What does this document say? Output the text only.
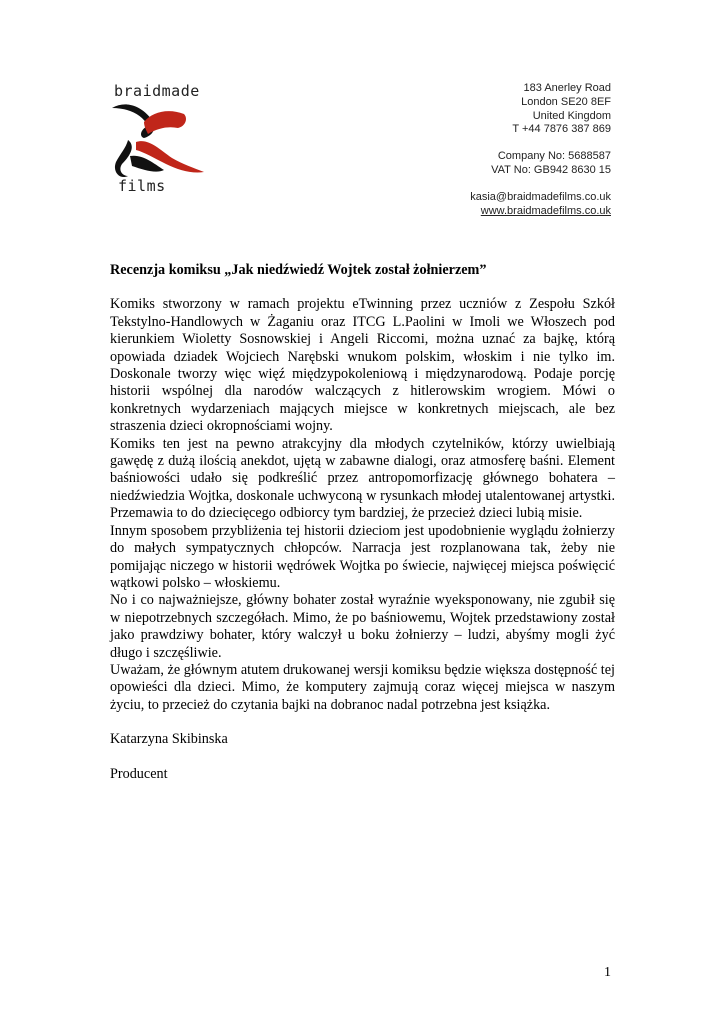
braidmade
films
183 Anerley Road
London SE20 8EF
United Kingdom
T +44 7876 387 869
Company No: 5688587
VAT No: GB942 8630 15
kasia@braidmadefilms.co.uk
www.braidmadefilms.co.uk
Recenzja komiksu „Jak niedźwiedź Wojtek został żołnierzem”

Komiks stworzony w ramach projektu eTwinning przez uczniów z Zespołu Szkół Tekstylno-Handlowych w Żaganiu oraz ITCG L.Paolini w Imoli we Włoszech pod kierunkiem Wioletty Sosnowskiej i Angeli Riccomi, można uznać za bajkę, którą opowiada dziadek Wojciech Narębski wnukom polskim, włoskim i nie tylko im. Doskonale tworzy więc więź międzypokoleniową i międzynarodową. Podaje porcję historii wspólnej dla narodów walczących z hitlerowskim wrogiem. Mówi o konkretnych wydarzeniach mających miejsce w konkretnych miejscach, ale bez straszenia dzieci okropnościami wojny.

Komiks ten jest na pewno atrakcyjny dla młodych czytelników, którzy uwielbiają gawędę z dużą ilością anekdot, ujętą w zabawne dialogi, oraz atmosferę baśni. Element baśniowości udało się podkreślić przez antropomorfizację głównego bohatera – niedźwiedzia Wojtka, doskonale uchwyconą w rysunkach młodej utalentowanej artystki. Przemawia to do dziecięcego odbiorcy tym bardziej, że przecież dzieci lubią misie.

Innym sposobem przybliżenia tej historii dzieciom jest upodobnienie wyglądu żołnierzy do małych sympatycznych chłopców. Narracja jest rozplanowana tak, żeby nie pomijając niczego w historii wędrówek Wojtka po świecie, najwięcej miejsca poświęcić wątkowi polsko – włoskiemu.

No i co najważniejsze, główny bohater został wyraźnie wyeksponowany, nie zgubił się w niepotrzebnych szczegółach. Mimo, że po baśniowemu, Wojtek przedstawiony został jako prawdziwy bohater, który walczył u boku żołnierzy – ludzi, abyśmy mogli żyć długo i szczęśliwie.

Uważam, że głównym atutem drukowanej wersji komiksu będzie większa dostępność tej opowieści dla dzieci. Mimo, że komputery zajmują coraz więcej miejsca w naszym życiu, to przecież do czytania bajki na dobranoc nadal potrzebna jest książka.

Katarzyna Skibinska
Producent
1
